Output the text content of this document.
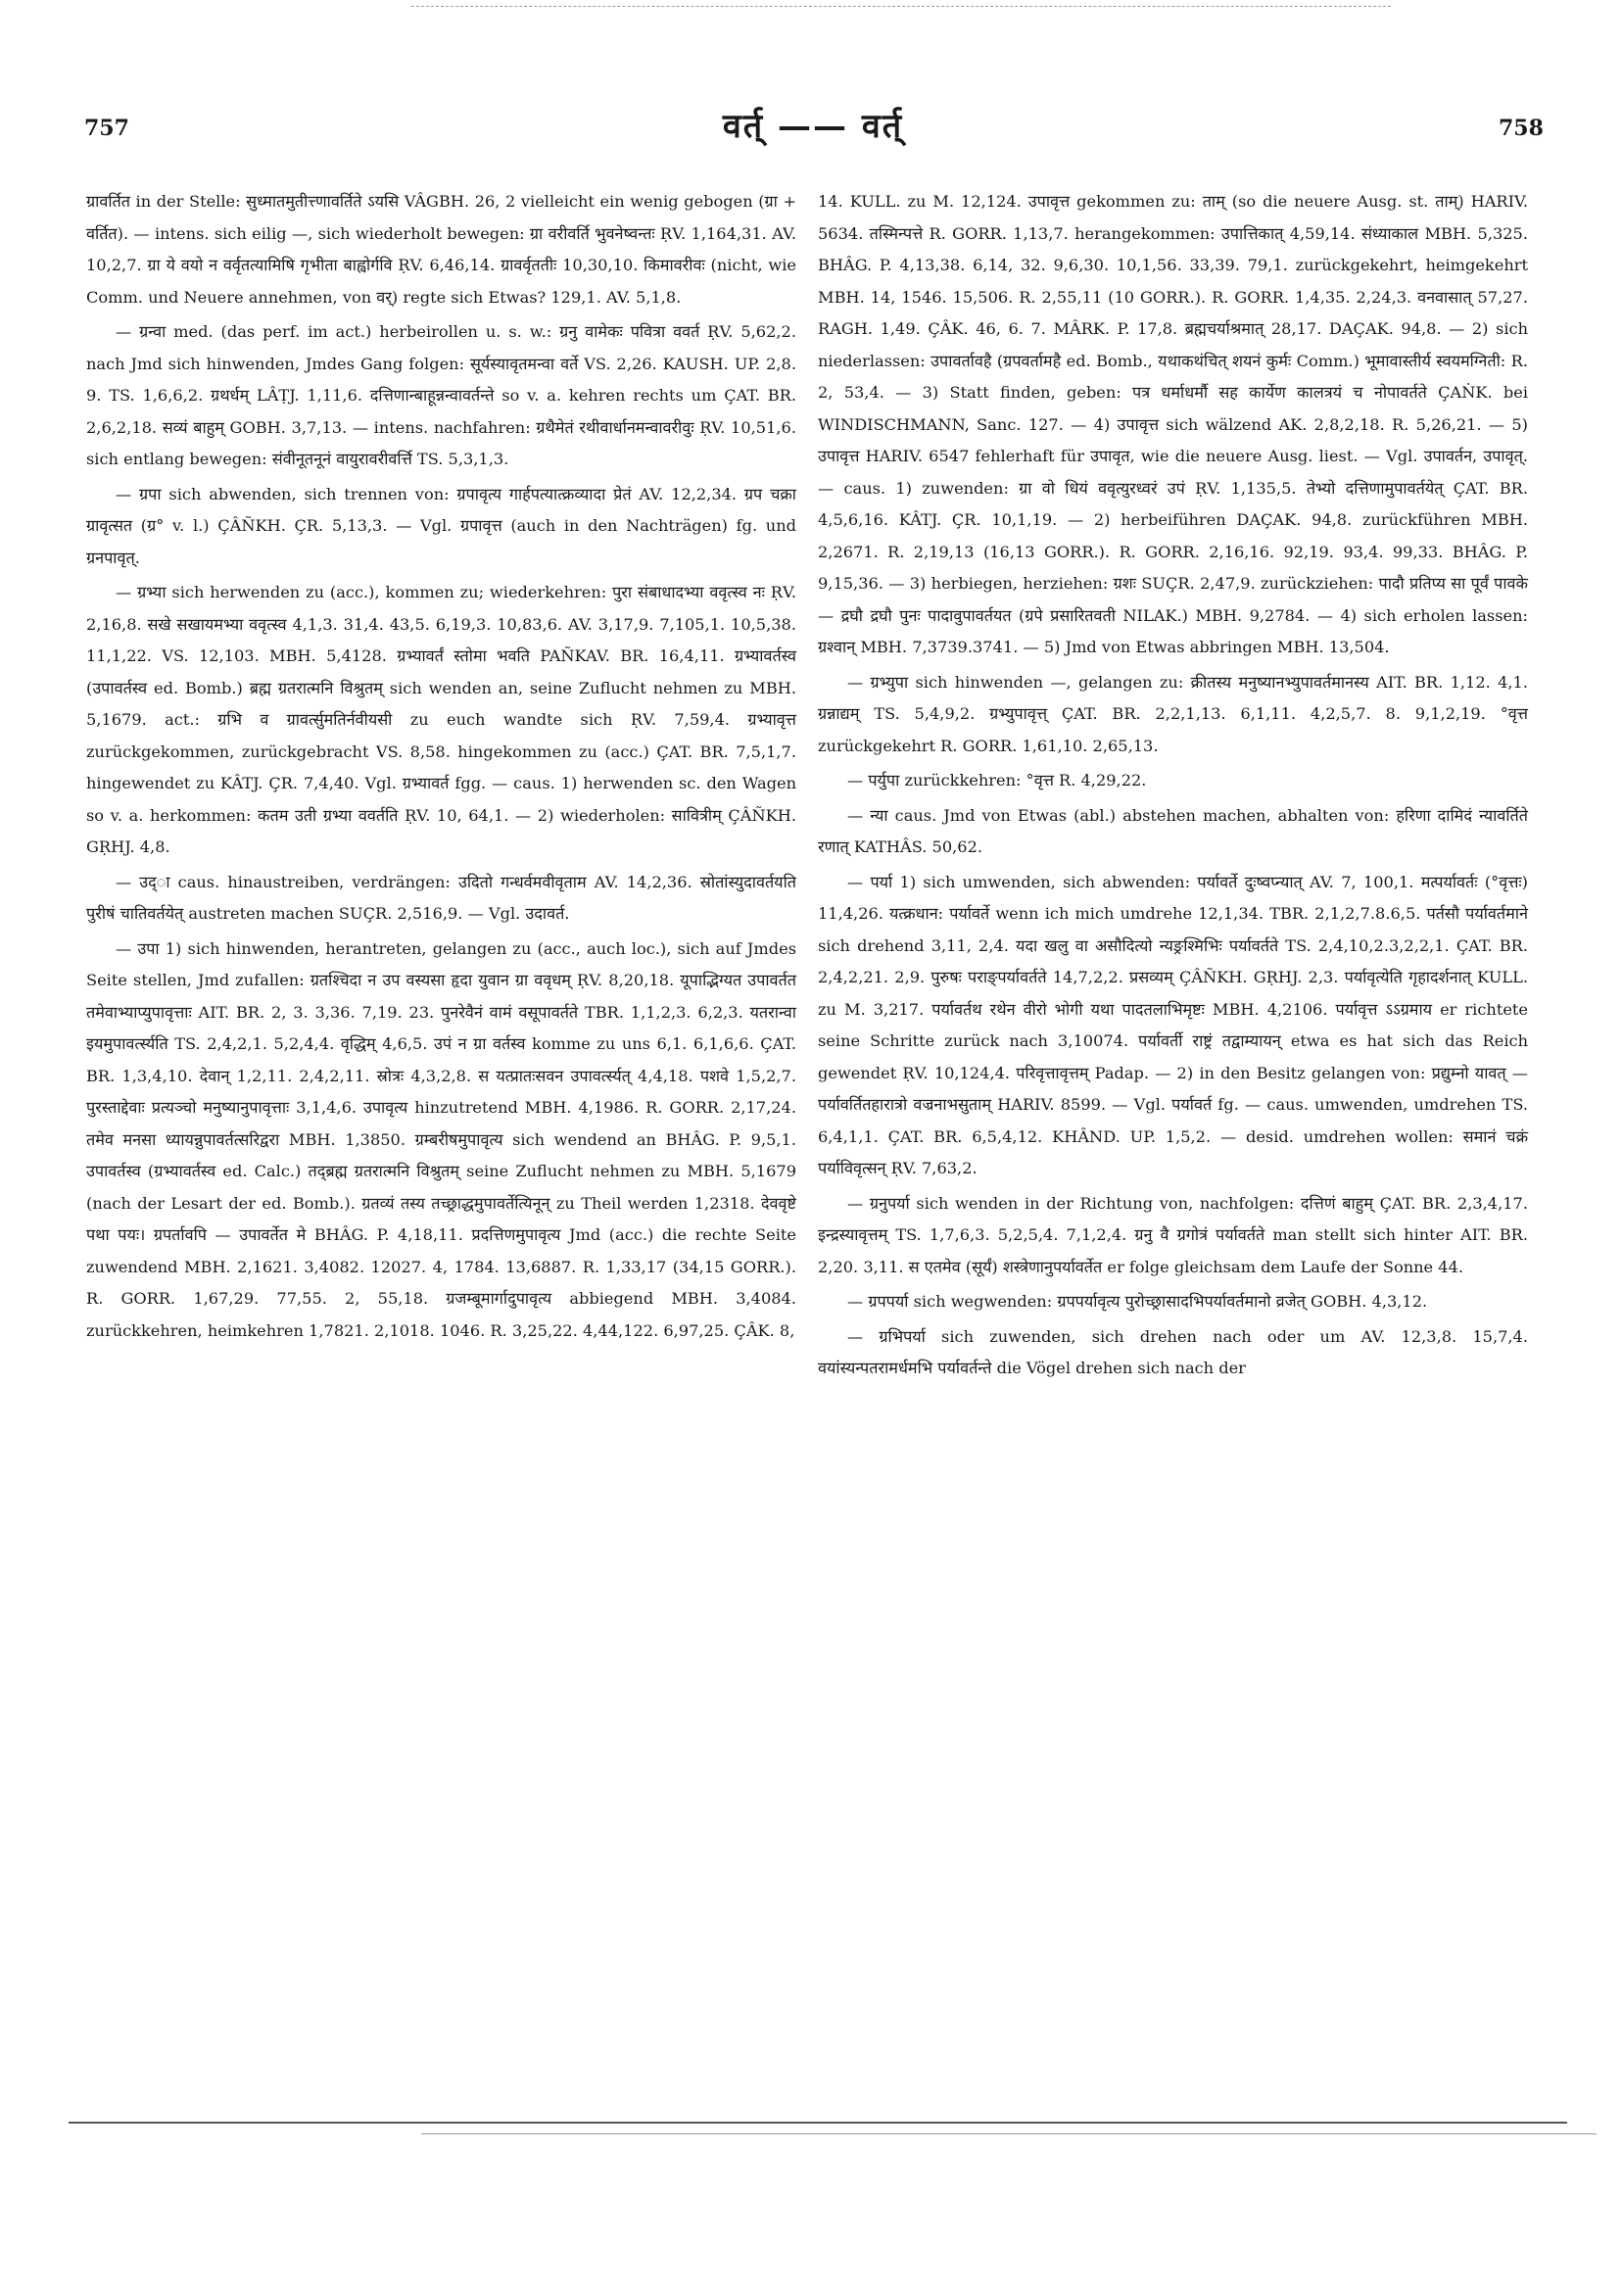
757	वर्त् —— वर्त्	758

ग्रावर्तित in der Stelle: सुध्मातमुतीत्त्णावर्तिते ऽयसि VÂGBH. 26, 2 vielleicht ein wenig gebogen (ग्रा + वर्तित). — intens. sich eilig —, sich wiederholt bewegen: ग्रा वरीवर्ति भुवनेष्वन्तः ṚV. 1,164,31. AV. 10,2,7. ग्रा ये वयो न वर्वृतत्यामिषि गृभीता बाह्वोर्गवि ṚV. 6,46,14. ग्रावर्वृततीः 10,30,10. किमावरीवः (nicht, wie Comm. und Neuere annehmen, von वर्) regte sich Etwas? 129,1. AV. 5,1,8.

— ग्रन्वा med. (das perf. im act.) herbeirollen u. s. w.: ग्रनु वामेकः पवित्रा ववर्त ṚV. 5,62,2. nach Jmd sich hinwenden, Jmdes Gang folgen: सूर्यस्यावृतमन्वा वर्ते VS. 2,26. KAUSH. UP. 2,8. 9. TS. 1,6,6,2. ग्रथर्धम् LÂṬJ. 1,11,6. दत्तिणान्बाहून्नन्वावर्तन्ते so v. a. kehren rechts um ÇAT. BR. 2,6,2,18. सव्यं बाहुम् GOBH. 3,7,13. — intens. nachfahren: ग्रथैमेतं रथीवार्धानमन्वावरीवुः ṚV. 10,51,6. sich entlang bewegen: संवीनूतनूनं वायुरावरीवर्त्ति TS. 5,3,1,3.

— ग्रपा sich abwenden, sich trennen von: ग्रपावृत्य गार्हपत्यात्क्रव्यादा प्रेतं AV. 12,2,34. ग्रप चक्रा ग्रावृत्सत (ग्र° v. l.) ÇÂÑKH. ÇR. 5,13,3. — Vgl. ग्रपावृत्त (auch in den Nachträgen) fg. und ग्रनपावृत्.

— ग्रभ्या sich herwenden zu (acc.), kommen zu; wiederkehren: पुरा संबाधादभ्या ववृत्स्व नः ṚV. 2,16,8. सखे सखायमभ्या ववृत्स्व 4,1,3. 31,4. 43,5. 6,19,3. 10,83,6. AV. 3,17,9. 7,105,1. 10,5,38. 11,1,22. VS. 12,103. MBH. 5,4128. ग्रभ्यावर्तं स्तोमा भवति PAÑKAV. BR. 16,4,11. ग्रभ्यावर्तस्व (उपावर्तस्व ed. Bomb.) ब्रह्म ग्रतरात्मनि विश्रुतम् sich wenden an, seine Zuflucht nehmen zu MBH. 5,1679. act.: ग्रभि व ग्रावर्त्सुमतिर्नवीयसी zu euch wandte sich ṚV. 7,59,4. ग्रभ्यावृत्त zurückgekommen, zurückgebracht VS. 8,58. hingekommen zu (acc.) ÇAT. BR. 7,5,1,7. hingewendet zu KÂTJ. ÇR. 7,4,40. Vgl. ग्रभ्यावर्त fgg. — caus. 1) herwenden sc. den Wagen so v. a. herkommen: कतम उती ग्रभ्या ववर्तति ṚV. 10, 64,1. — 2) wiederholen: सावित्रीम् ÇÂÑKH. GṚHJ. 4,8.

— उद्ा caus. hinaustreiben, verdrängen: उदितो गन्धर्वमवीवृताम AV. 14,2,36. स्रोतांस्युदावर्तयति पुरीषं चातिवर्तयेत् austreten machen SUÇR. 2,516,9. — Vgl. उदावर्त.

— उपा 1) sich hinwenden, herantreten, gelangen zu (acc., auch loc.), sich auf Jmdes Seite stellen, Jmd zufallen: ग्रतश्चिदा न उप वस्यसा हृदा युवान ग्रा ववृधम् ṚV. 8,20,18. यूपाद्भिग्यत उपावर्तत तमेवाभ्याप्युपावृत्ताः AIT. BR. 2, 3. 3,36. 7,19. 23. पुनरेवैनं वामं वसूपावर्तते TBR. 1,1,2,3. 6,2,3. यतरान्वा इयमुपावर्त्स्यति TS. 2,4,2,1. 5,2,4,4. वृद्धिम् 4,6,5. उपं न ग्रा वर्तस्व komme zu uns 6,1. 6,1,6,6. ÇAT. BR. 1,3,4,10. देवान् 1,2,11. 2,4,2,11. स्रोत्रः 4,3,2,8. स यत्प्रातःसवन उपावर्त्स्यत् 4,4,18. पशवे 1,5,2,7. पुरस्ताद्देवाः प्रत्यञ्चो मनुष्यानुपावृत्ताः 3,1,4,6. उपावृत्य hinzutretend MBH. 4,1986. R. GORR. 2,17,24. तमेव मनसा ध्यायन्नुपावर्तत्सरिद्वरा MBH. 1,3850. ग्रम्बरीषमुपावृत्य sich wendend an BHÂG. P. 9,5,1. उपावर्तस्व (ग्रभ्यावर्तस्व ed. Calc.) तद्ब्रह्म ग्रतरात्मनि विश्रुतम् seine Zuflucht nehmen zu MBH. 5,1679 (nach der Lesart der ed. Bomb.). ग्रतव्यं तस्य तच्छ्राद्धमुपावर्तेत्यिनून् zu Theil werden 1,2318. देववृष्टे पथा पयः। ग्रपर्तावपि — उपावर्तेत मे BHÂG. P. 4,18,11. प्रदत्तिणमुपावृत्य Jmd (acc.) die rechte Seite zuwendend MBH. 2,1621. 3,4082. 12027. 4, 1784. 13,6887. R. 1,33,17 (34,15 GORR.). R. GORR. 1,67,29. 77,55. 2, 55,18. ग्रजम्बूमार्गादुपावृत्य abbiegend MBH. 3,4084. zurückkehren, heimkehren 1,7821. 2,1018. 1046. R. 3,25,22. 4,44,122. 6,97,25. ÇÂK. 8,

14. KULL. zu M. 12,124. उपावृत्त gekommen zu: ताम् (so die neuere Ausg. st. ताम्) HARIV. 5634. तस्मिन्पत्ते R. GORR. 1,13,7. herangekommen: उपात्तिकात् 4,59,14. संध्याकाल MBH. 5,325. BHÂG. P. 4,13,38. 6,14, 32. 9,6,30. 10,1,56. 33,39. 79,1. zurückgekehrt, heimgekehrt MBH. 14, 1546. 15,506. R. 2,55,11 (10 GORR.). R. GORR. 1,4,35. 2,24,3. वनवासात् 57,27. RAGH. 1,49. ÇÂK. 46, 6. 7. MÂRK. P. 17,8. ब्रह्मचर्याश्रमात् 28,17. DAÇAK. 94,8. — 2) sich niederlassen: उपावर्तावहै (ग्रपवर्तामहै ed. Bomb., यथाकथंचित् शयनं कुर्मः Comm.) भूमावास्तीर्य स्वयमग्निती: R. 2, 53,4. — 3) Statt finden, geben: पत्र धर्माधर्मौ सह कार्येण कालत्रयं च नोपावर्तते ÇAṄK. bei WINDISCHMANN, Sanc. 127. — 4) उपावृत्त sich wälzend AK. 2,8,2,18. R. 5,26,21. — 5) उपावृत्त HARIV. 6547 fehlerhaft für उपावृत, wie die neuere Ausg. liest. — Vgl. उपावर्तन, उपावृत्. — caus. 1) zuwenden: ग्रा वो धियं ववृत्युरध्वरं उपं ṚV. 1,135,5. तेभ्यो दत्तिणामुपावर्तयेत् ÇAT. BR. 4,5,6,16. KÂTJ. ÇR. 10,1,19. — 2) herbeiführen DAÇAK. 94,8. zurückführen MBH. 2,2671. R. 2,19,13 (16,13 GORR.). R. GORR. 2,16,16. 92,19. 93,4. 99,33. BHÂG. P. 9,15,36. — 3) herbiegen, herziehen: ग्रशः SUÇR. 2,47,9. zurückziehen: पादौ प्रतिप्य सा पूर्वं पावके — द्रघौ द्रघौ पुनः पादावुपावर्तयत (ग्रपे प्रसारितवती NILAK.) MBH. 9,2784. — 4) sich erholen lassen: ग्रश्वान् MBH. 7,3739.3741. — 5) Jmd von Etwas abbringen MBH. 13,504.

— ग्रभ्युपा sich hinwenden —, gelangen zu: क्रीतस्य मनुष्यानभ्युपावर्तमानस्य AIT. BR. 1,12. 4,1. ग्रन्नाद्यम् TS. 5,4,9,2. ग्रभ्युपावृत्त् ÇAT. BR. 2,2,1,13. 6,1,11. 4,2,5,7. 8. 9,1,2,19. °वृत्त zurückgekehrt R. GORR. 1,61,10. 2,65,13.

— पर्युपा zurückkehren: °वृत्त R. 4,29,22.

— न्या caus. Jmd von Etwas (abl.) abstehen machen, abhalten von: हरिणा दामिदं न्यावर्तिते रणात् KATHÂS. 50,62.

— पर्या 1) sich umwenden, sich abwenden: पर्यावर्ते दुःष्वप्न्यात् AV. 7, 100,1. मत्पर्यावर्तः (°वृत्तः) 11,4,26. यत्क्रधान: पर्यावर्ते wenn ich mich umdrehe 12,1,34. TBR. 2,1,2,7.8.6,5. पर्तसौ पर्यावर्तमाने sich drehend 3,11, 2,4. यदा खलु वा असौदित्यो न्यङ्रश्मिभिः पर्यावर्तते TS. 2,4,10,2.3,2,2,1. ÇAT. BR. 2,4,2,21. 2,9. पुरुषः पराङ्पर्यावर्तते 14,7,2,2. प्रसव्यम् ÇÂÑKH. GṚHJ. 2,3. पर्यावृत्येति गृहादर्शनात् KULL. zu M. 3,217. पर्यावर्तथ रथेन वीरो भोगी यथा पादतलाभिमृष्टः MBH. 4,2106. पर्यावृत्त ऽऽग्रमाय er richtete seine Schritte zurück nach 3,10074. पर्यावर्ती राष्ट्रं तद्वाम्यायन् etwa es hat sich das Reich gewendet ṚV. 10,124,4. परिवृत्तावृत्तम् Padap. — 2) in den Besitz gelangen von: प्रद्युम्नो यावत् — पर्यावर्तितहारात्रो वज्रनाभसुताम् HARIV. 8599. — Vgl. पर्यावर्त fg. — caus. umwenden, umdrehen TS. 6,4,1,1. ÇAT. BR. 6,5,4,12. KHÂND. UP. 1,5,2. — desid. umdrehen wollen: समानं चक्रं पर्याविवृत्सन् ṚV. 7,63,2.

— ग्रनुपर्या sich wenden in der Richtung von, nachfolgen: दत्तिणं बाहुम् ÇAT. BR. 2,3,4,17. इन्द्रस्यावृत्तम् TS. 1,7,6,3. 5,2,5,4. 7,1,2,4. ग्रनु वै ग्रगोत्रं पर्यावर्तते man stellt sich hinter AIT. BR. 2,20. 3,11. स एतमेव (सूर्यं) शस्त्रेणानुपर्यावर्तेत er folge gleichsam dem Laufe der Sonne 44.

— ग्रपपर्या sich wegwenden: ग्रपपर्यावृत्य पुरोच्छ्रासादभिपर्यावर्तमानो व्रजेत् GOBH. 4,3,12.

— ग्रभिपर्या sich zuwenden, sich drehen nach oder um AV. 12,3,8. 15,7,4. वयांस्यन्पतरामर्धमभि पर्यावर्तन्ते die Vögel drehen sich nach der
